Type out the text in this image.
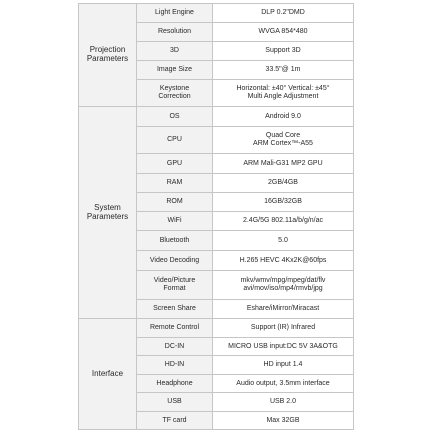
Projection
Parameters	Light Engine	DLP 0.2"DMD
	Resolution	WVGA 854*480
	3D	Support 3D
	Image Size	33.5"@ 1m
	Keystone
Correction	Horizontal: ±40° Vertical: ±45°
Multi Angle Adjustment
System
Parameters	OS	Android 9.0
	CPU	Quad Core
ARM Cortex™-A55
	GPU	ARM Mali-G31 MP2 GPU
	RAM	2GB/4GB
	ROM	16GB/32GB
	WiFi	2.4G/5G 802.11a/b/g/n/ac
	Bluetooth	5.0
	Video Decoding	H.265 HEVC 4Kx2K@60fps
	Video/Picture
Format	mkv/wmv/mpg/mpeg/dat/flv
avi/mov/iso/mp4/rmvb/jpg
	Screen Share	Eshare/iMirror/Miracast
Interface	Remote Control	Support (IR) Infrared
	DC-IN	MICRO USB input:DC 5V 3A&OTG
	HD-IN	HD input 1.4
	Headphone	Audio output, 3.5mm interface
	USB	USB 2.0
	TF card	Max 32GB
